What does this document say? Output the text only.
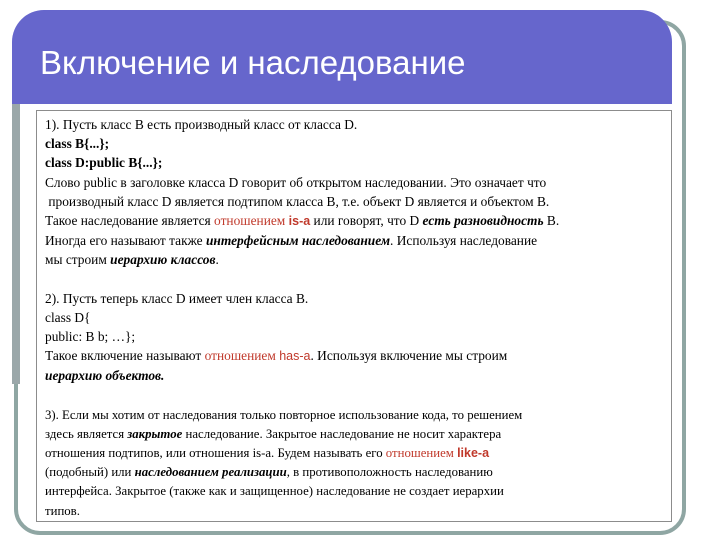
Включение и наследование

1). Пусть класс B есть производный класс от класса D.

class B{...};

class D:public B{...};

Слово public в заголовке класса D говорит об открытом наследовании. Это означает что

производный класс D является подтипом класса B, т.е. объект D является и объектом B.

Такое наследование является отношением is-a или говорят, что D есть разновидность B.

Иногда его называют также интерфейсным наследованием. Используя наследование

мы строим иерархию классов.

2). Пусть теперь класс D имеет член класса B.

class D{

public: B b; …};

Такое включение называют отношением has-a. Используя включение мы строим

иерархию объектов.

3). Если мы хотим от наследования только повторное использование кода, то решением

здесь является закрытое наследование. Закрытое наследование не носит характера

отношения подтипов, или отношения is-a. Будем называть его отношением like-a

(подобный) или наследованием реализации, в противоположность наследованию

интерфейса. Закрытое (также как и защищенное) наследование не создает иерархии

типов.
